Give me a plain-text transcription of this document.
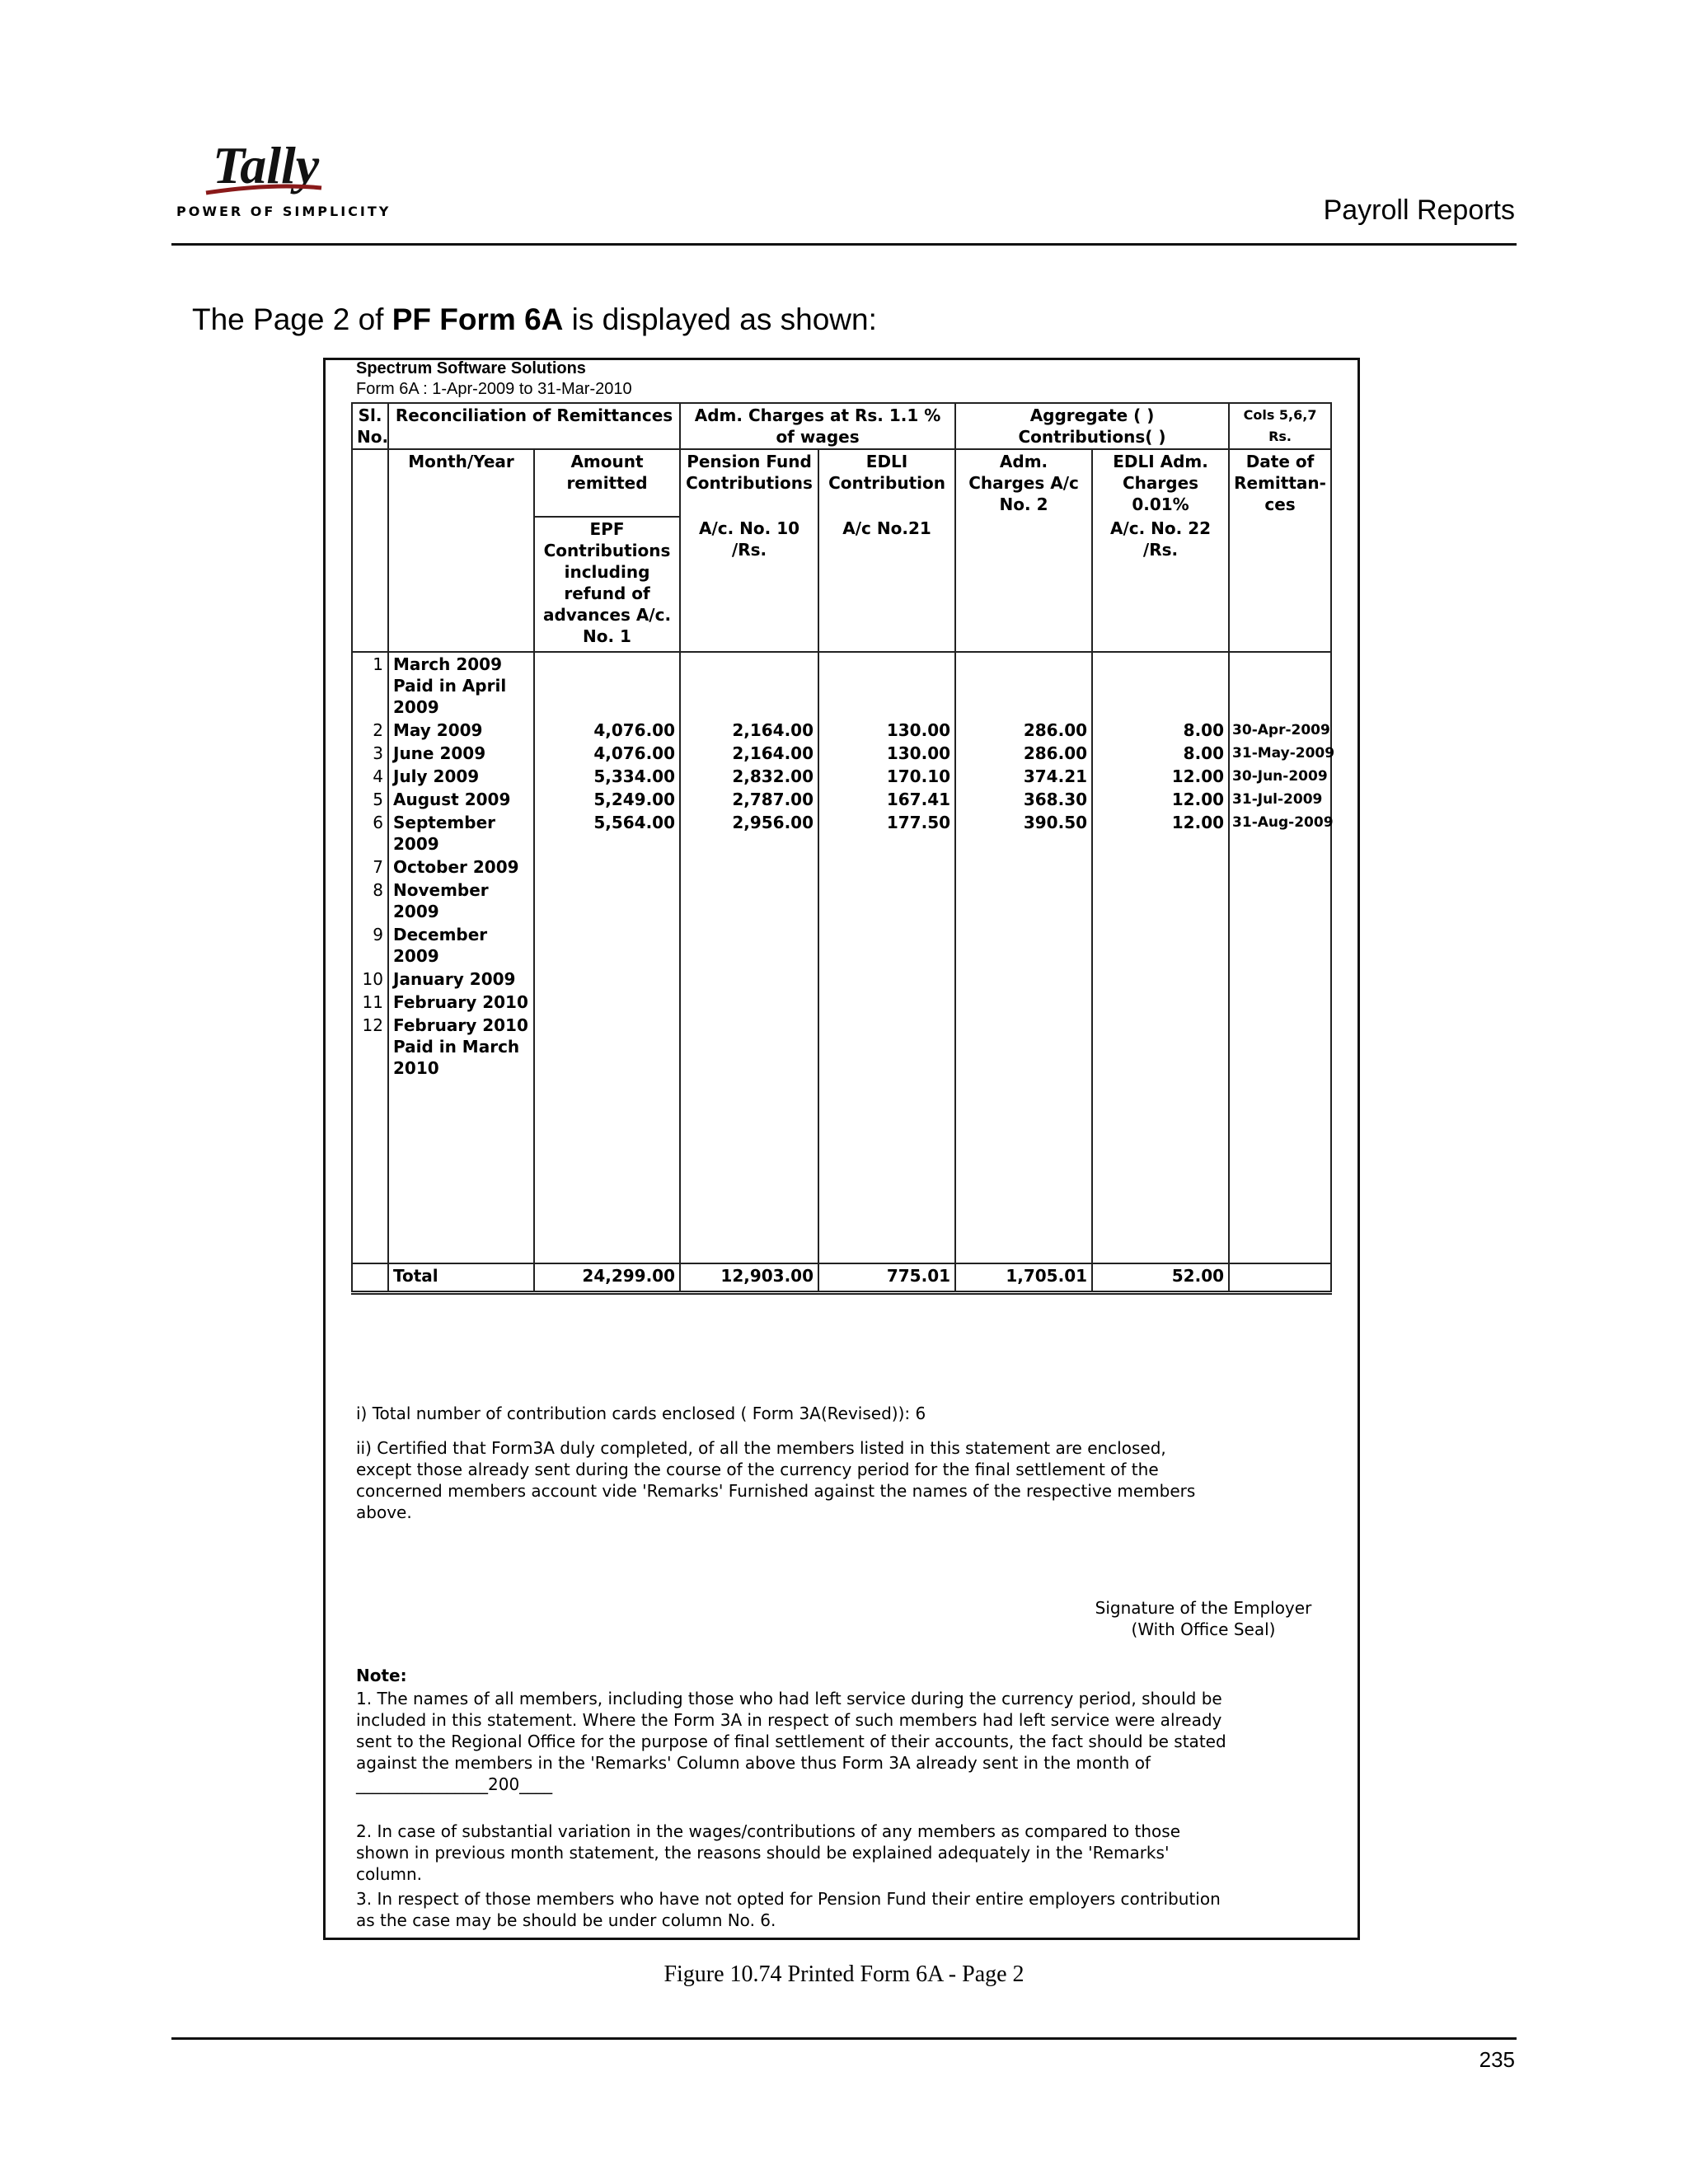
Tally
POWER OF SIMPLICITY	Payroll Reports
The Page 2 of PF Form 6A is displayed as shown:
Spectrum Software Solutions
Form 6A : 1-Apr-2009 to 31-Mar-2010
Sl. No.	Reconciliation of Remittances		Adm. Charges at Rs. 1.1 % of wages		Aggregate ( ) Contributions( )		Cols 5,6,7 Rs.
	Month/Year	Amount remitted	Pension Fund Contributions	EDLI Contribution	Adm. Charges A/c No. 2	EDLI Adm. Charges 0.01%	Date of Remittan-ces
		EPF Contributions including refund of advances A/c. No. 1	A/c. No. 10 /Rs.	A/c No.21		A/c. No. 22 /Rs.	
1	March 2009 Paid in April 2009						
2	May 2009	4,076.00	2,164.00	130.00	286.00	8.00	30-Apr-2009
3	June 2009	4,076.00	2,164.00	130.00	286.00	8.00	31-May-2009
4	July 2009	5,334.00	2,832.00	170.10	374.21	12.00	30-Jun-2009
5	August 2009	5,249.00	2,787.00	167.41	368.30	12.00	31-Jul-2009
6	September 2009	5,564.00	2,956.00	177.50	390.50	12.00	31-Aug-2009
7	October 2009						
8	November 2009						
9	December 2009						
10	January 2009						
11	February 2010						
12	February 2010 Paid in March 2010						

	Total	24,299.00	12,903.00	775.01	1,705.01	52.00	
i) Total number of contribution cards enclosed ( Form 3A(Revised)): 6
ii) Certified that Form3A duly completed, of all the members listed in this statement are enclosed, except those already sent during the course of the currency period for the final settlement of the concerned members account vide 'Remarks' Furnished against the names of the respective members above.
Signature of the Employer
(With Office Seal)
Note:
1. The names of all members, including those who had left service during the currency period, should be included in this statement. Where the Form 3A in respect of such members had left service were already sent to the Regional Office for the purpose of final settlement of their accounts, the fact should be stated against the members in the 'Remarks' Column above thus Form 3A already sent in the month of
________________200____
2. In case of substantial variation in the wages/contributions of any members as compared to those shown in previous month statement, the reasons should be explained adequately in the 'Remarks' column.
3. In respect of those members who have not opted for Pension Fund their entire employers contribution as the case may be should be under column No. 6.
Figure 10.74 Printed Form 6A - Page 2
235
